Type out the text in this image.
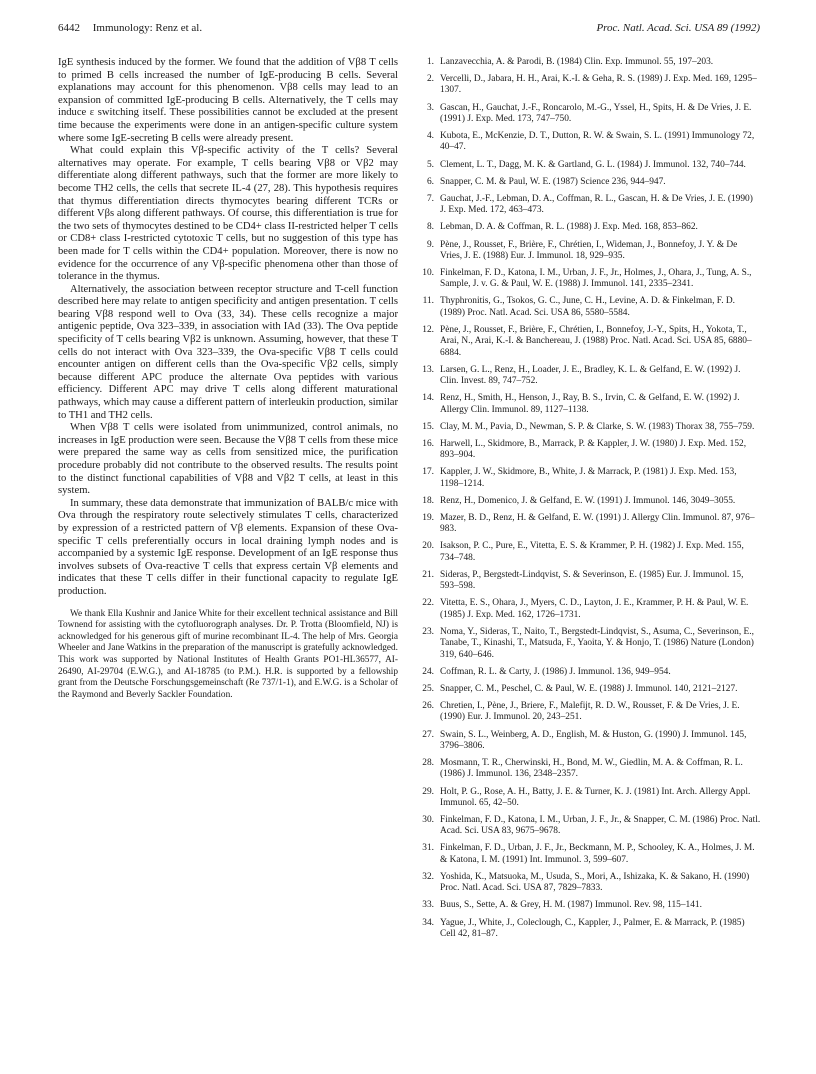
6442 Immunology: Renz et al.	Proc. Natl. Acad. Sci. USA 89 (1992)

IgE synthesis induced by the former. We found that the addition of Vβ8 T cells to primed B cells increased the number of IgE-producing B cells. Several explanations may account for this phenomenon. Vβ8 cells may lead to an expansion of committed IgE-producing B cells. Alternatively, the T cells may induce ε switching itself. These possibilities cannot be excluded at the present time because the experiments were done in an antigen-specific culture system where some IgE-secreting B cells were already present.

What could explain this Vβ-specific activity of the T cells? Several alternatives may operate. For example, T cells bearing Vβ8 or Vβ2 may differentiate along different pathways, such that the former are more likely to become TH2 cells, the cells that secrete IL-4 (27, 28). This hypothesis requires that thymus differentiation directs thymocytes bearing different TCRs or different Vβs along different pathways. Of course, this differentiation is true for the two sets of thymocytes destined to be CD4+ class II-restricted helper T cells or CD8+ class I-restricted cytotoxic T cells, but no suggestion of this type has been made for T cells within the CD4+ population. Moreover, there is now no evidence for the occurrence of any Vβ-specific phenomena other than those of tolerance in the thymus.

Alternatively, the association between receptor structure and T-cell function described here may relate to antigen specificity and antigen presentation. T cells bearing Vβ8 respond well to Ova (33, 34). These cells recognize a major antigenic peptide, Ova 323–339, in association with IAd (33). The Ova peptide specificity of T cells bearing Vβ2 is unknown. Assuming, however, that these T cells do not interact with Ova 323–339, the Ova-specific Vβ8 T cells could encounter antigen on different cells than the Ova-specific Vβ2 cells, simply because different APC produce the alternate Ova peptides with various efficiency. Different APC may drive T cells along different maturational pathways, which may cause a different pattern of interleukin production, similar to TH1 and TH2 cells.

When Vβ8 T cells were isolated from unimmunized, control animals, no increases in IgE production were seen. Because the Vβ8 T cells from these mice were prepared the same way as cells from sensitized mice, the purification procedure probably did not contribute to the observed results. The results point to the distinct functional capabilities of Vβ8 and Vβ2 T cells, at least in this system.

In summary, these data demonstrate that immunization of BALB/c mice with Ova through the respiratory route selectively stimulates T cells, characterized by expression of a restricted pattern of Vβ elements. Expansion of these Ova-specific T cells preferentially occurs in local draining lymph nodes and is accompanied by a systemic IgE response. Development of an IgE response thus involves subsets of Ova-reactive T cells that express certain Vβ elements and indicates that these T cells differ in their functional capacity to regulate IgE production.

We thank Ella Kushnir and Janice White for their excellent technical assistance and Bill Townend for assisting with the cytofluorograph analyses. Dr. P. Trotta (Bloomfield, NJ) is acknowledged for his generous gift of murine recombinant IL-4. The help of Mrs. Georgia Wheeler and Jane Watkins in the preparation of the manuscript is gratefully acknowledged. This work was supported by National Institutes of Health Grants PO1-HL36577, AI-26490, AI-29704 (E.W.G.), and AI-18785 (to P.M.). H.R. is supported by a fellowship grant from the Deutsche Forschungsgemeinschaft (Re 737/1-1), and E.W.G. is a Scholar of the Raymond and Beverly Sackler Foundation.

1. Lanzavecchia, A. & Parodi, B. (1984) Clin. Exp. Immunol. 55, 197–203.
2. Vercelli, D., Jabara, H. H., Arai, K.-I. & Geha, R. S. (1989) J. Exp. Med. 169, 1295–1307.
3. Gascan, H., Gauchat, J.-F., Roncarolo, M.-G., Yssel, H., Spits, H. & De Vries, J. E. (1991) J. Exp. Med. 173, 747–750.
4. Kubota, E., McKenzie, D. T., Dutton, R. W. & Swain, S. L. (1991) Immunology 72, 40–47.
5. Clement, L. T., Dagg, M. K. & Gartland, G. L. (1984) J. Immunol. 132, 740–744.
6. Snapper, C. M. & Paul, W. E. (1987) Science 236, 944–947.
7. Gauchat, J.-F., Lebman, D. A., Coffman, R. L., Gascan, H. & De Vries, J. E. (1990) J. Exp. Med. 172, 463–473.
8. Lebman, D. A. & Coffman, R. L. (1988) J. Exp. Med. 168, 853–862.
9. Pène, J., Rousset, F., Brière, F., Chrétien, I., Wideman, J., Bonnefoy, J. Y. & De Vries, J. E. (1988) Eur. J. Immunol. 18, 929–935.
10. Finkelman, F. D., Katona, I. M., Urban, J. F., Jr., Holmes, J., Ohara, J., Tung, A. S., Sample, J. v. G. & Paul, W. E. (1988) J. Immunol. 141, 2335–2341.
11. Thyphronitis, G., Tsokos, G. C., June, C. H., Levine, A. D. & Finkelman, F. D. (1989) Proc. Natl. Acad. Sci. USA 86, 5580–5584.
12. Pène, J., Rousset, F., Brière, F., Chrétien, I., Bonnefoy, J.-Y., Spits, H., Yokota, T., Arai, N., Arai, K.-I. & Banchereau, J. (1988) Proc. Natl. Acad. Sci. USA 85, 6880–6884.
13. Larsen, G. L., Renz, H., Loader, J. E., Bradley, K. L. & Gelfand, E. W. (1992) J. Clin. Invest. 89, 747–752.
14. Renz, H., Smith, H., Henson, J., Ray, B. S., Irvin, C. & Gelfand, E. W. (1992) J. Allergy Clin. Immunol. 89, 1127–1138.
15. Clay, M. M., Pavia, D., Newman, S. P. & Clarke, S. W. (1983) Thorax 38, 755–759.
16. Harwell, L., Skidmore, B., Marrack, P. & Kappler, J. W. (1980) J. Exp. Med. 152, 893–904.
17. Kappler, J. W., Skidmore, B., White, J. & Marrack, P. (1981) J. Exp. Med. 153, 1198–1214.
18. Renz, H., Domenico, J. & Gelfand, E. W. (1991) J. Immunol. 146, 3049–3055.
19. Mazer, B. D., Renz, H. & Gelfand, E. W. (1991) J. Allergy Clin. Immunol. 87, 976–983.
20. Isakson, P. C., Pure, E., Vitetta, E. S. & Krammer, P. H. (1982) J. Exp. Med. 155, 734–748.
21. Sideras, P., Bergstedt-Lindqvist, S. & Severinson, E. (1985) Eur. J. Immunol. 15, 593–598.
22. Vitetta, E. S., Ohara, J., Myers, C. D., Layton, J. E., Krammer, P. H. & Paul, W. E. (1985) J. Exp. Med. 162, 1726–1731.
23. Noma, Y., Sideras, T., Naito, T., Bergstedt-Lindqvist, S., Asuma, C., Severinson, E., Tanabe, T., Kinashi, T., Matsuda, F., Yaoita, Y. & Honjo, T. (1986) Nature (London) 319, 640–646.
24. Coffman, R. L. & Carty, J. (1986) J. Immunol. 136, 949–954.
25. Snapper, C. M., Peschel, C. & Paul, W. E. (1988) J. Immunol. 140, 2121–2127.
26. Chretien, I., Pène, J., Briere, F., Malefijt, R. D. W., Rousset, F. & De Vries, J. E. (1990) Eur. J. Immunol. 20, 243–251.
27. Swain, S. L., Weinberg, A. D., English, M. & Huston, G. (1990) J. Immunol. 145, 3796–3806.
28. Mosmann, T. R., Cherwinski, H., Bond, M. W., Giedlin, M. A. & Coffman, R. L. (1986) J. Immunol. 136, 2348–2357.
29. Holt, P. G., Rose, A. H., Batty, J. E. & Turner, K. J. (1981) Int. Arch. Allergy Appl. Immunol. 65, 42–50.
30. Finkelman, F. D., Katona, I. M., Urban, J. F., Jr., & Snapper, C. M. (1986) Proc. Natl. Acad. Sci. USA 83, 9675–9678.
31. Finkelman, F. D., Urban, J. F., Jr., Beckmann, M. P., Schooley, K. A., Holmes, J. M. & Katona, I. M. (1991) Int. Immunol. 3, 599–607.
32. Yoshida, K., Matsuoka, M., Usuda, S., Mori, A., Ishizaka, K. & Sakano, H. (1990) Proc. Natl. Acad. Sci. USA 87, 7829–7833.
33. Buus, S., Sette, A. & Grey, H. M. (1987) Immunol. Rev. 98, 115–141.
34. Yague, J., White, J., Coleclough, C., Kappler, J., Palmer, E. & Marrack, P. (1985) Cell 42, 81–87.
